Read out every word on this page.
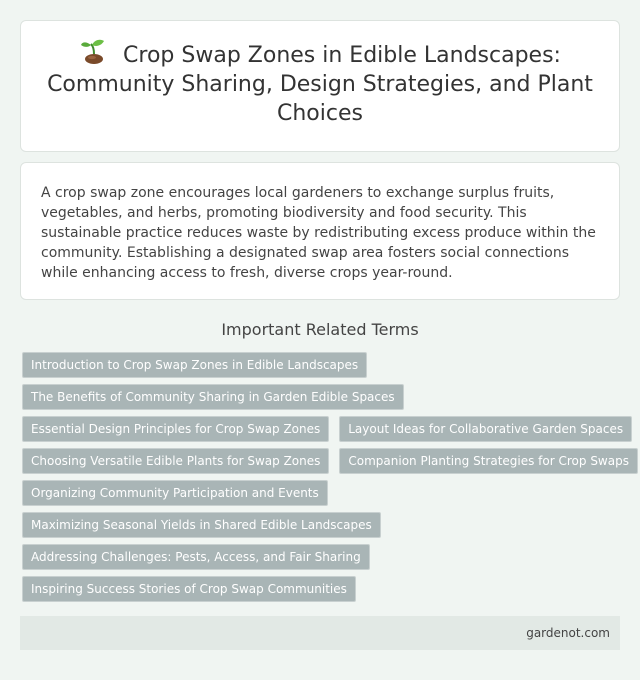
Crop Swap Zones in Edible Landscapes: Community Sharing, Design Strategies, and Plant Choices

A crop swap zone encourages local gardeners to exchange surplus fruits, vegetables, and herbs, promoting biodiversity and food security. This sustainable practice reduces waste by redistributing excess produce within the community. Establishing a designated swap area fosters social connections while enhancing access to fresh, diverse crops year-round.

Important Related Terms
Introduction to Crop Swap Zones in Edible Landscapes
The Benefits of Community Sharing in Garden Edible Spaces
Essential Design Principles for Crop Swap Zones	Layout Ideas for Collaborative Garden Spaces
Choosing Versatile Edible Plants for Swap Zones	Companion Planting Strategies for Crop Swaps
Organizing Community Participation and Events
Maximizing Seasonal Yields in Shared Edible Landscapes
Addressing Challenges: Pests, Access, and Fair Sharing
Inspiring Success Stories of Crop Swap Communities
gardenot.com
